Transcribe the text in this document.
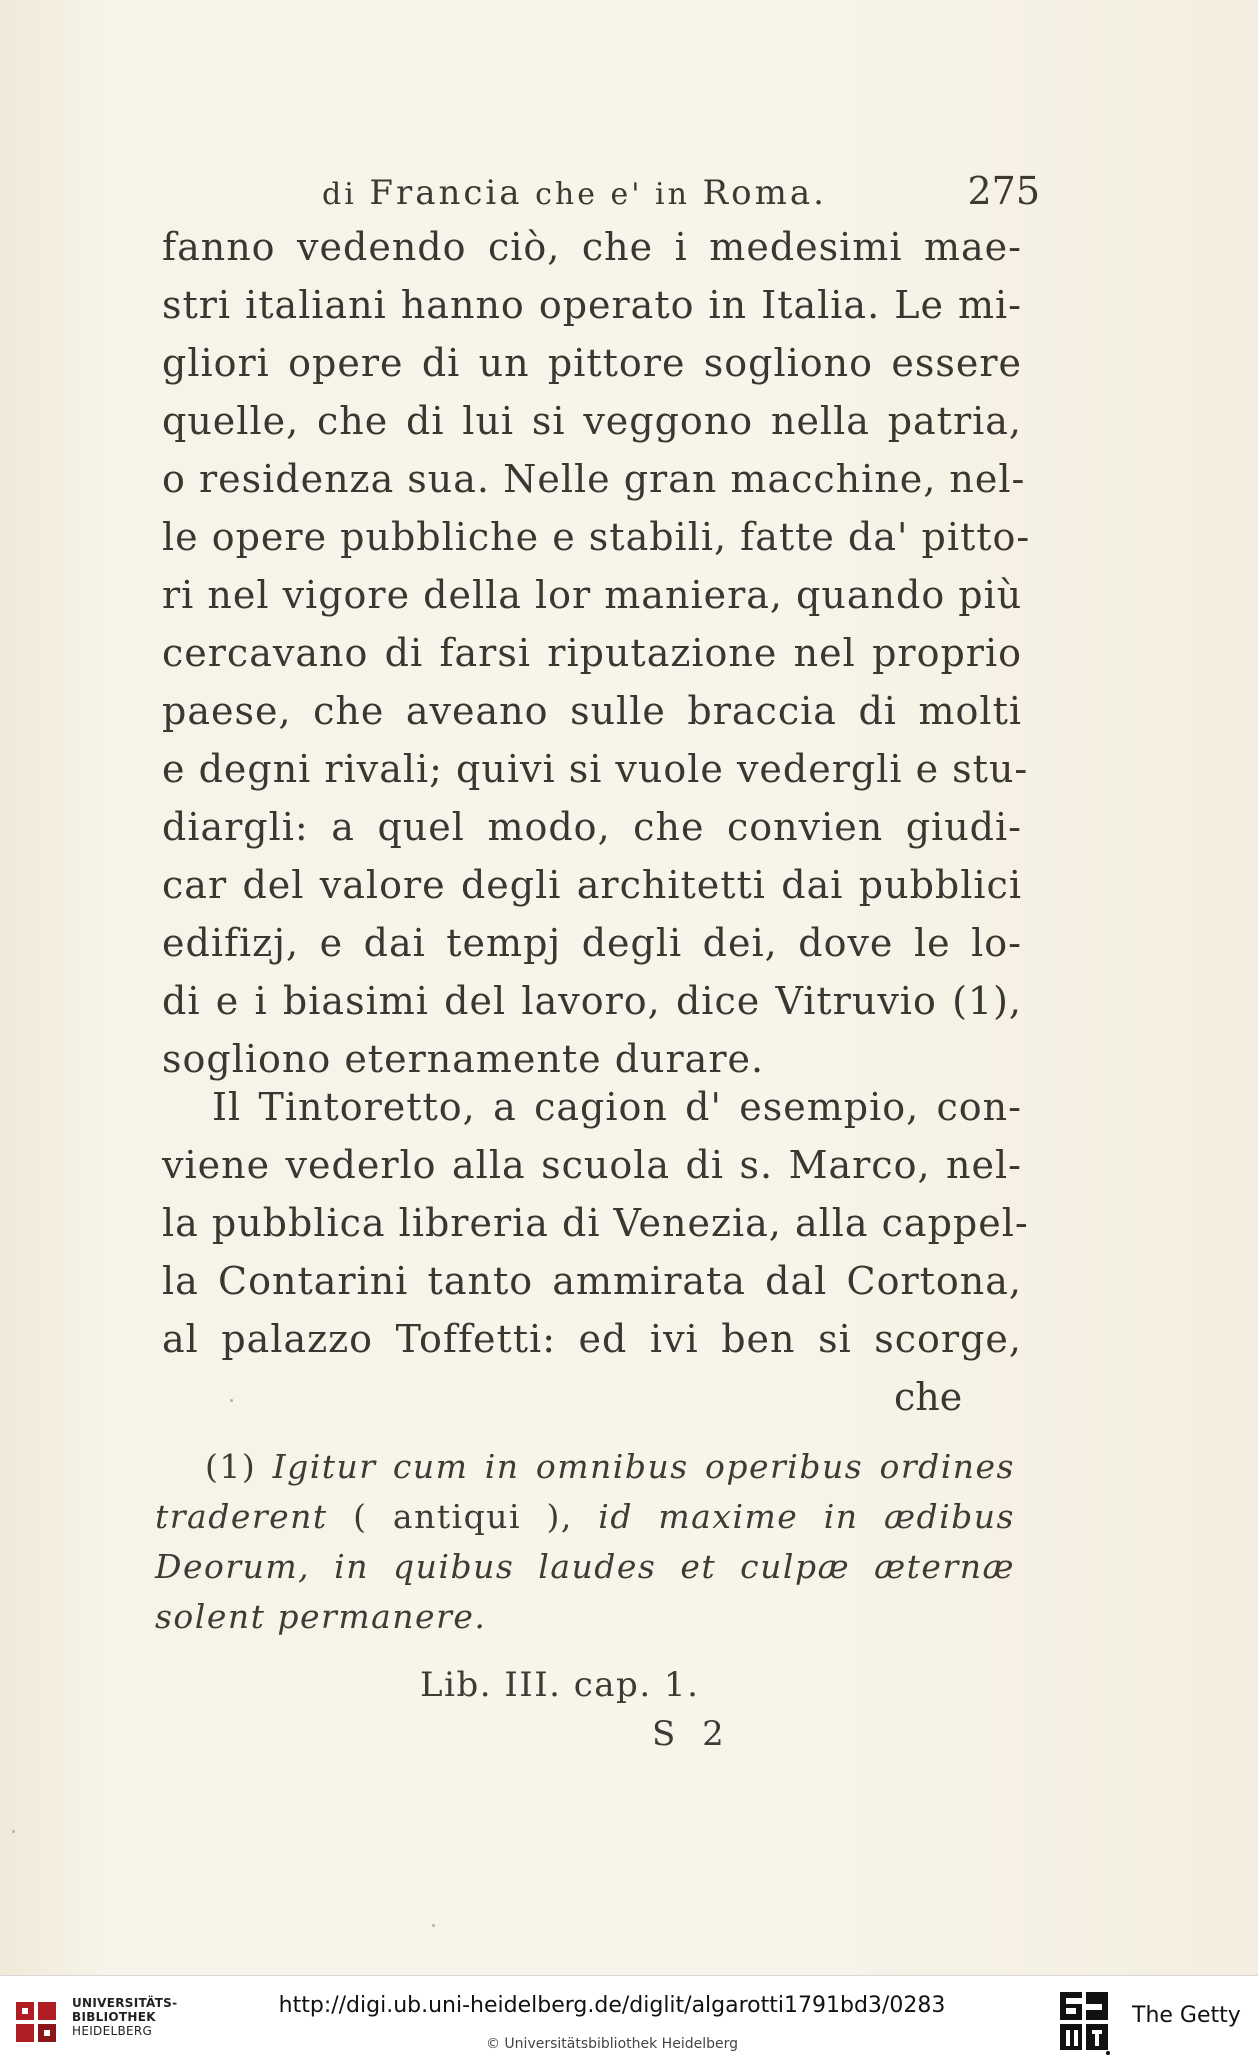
di Francia che e' in Roma.	275
fanno vedendo ciò, che i medesimi mae-
stri italiani hanno operato in Italia. Le mi-
gliori opere di un pittore sogliono essere
quelle, che di lui si veggono nella patria,
o residenza sua. Nelle gran macchine, nel-
le opere pubbliche e stabili, fatte da' pitto-
ri nel vigore della lor maniera, quando più
cercavano di farsi riputazione nel proprio
paese, che aveano sulle braccia di molti
e degni rivali; quivi si vuole vedergli e stu-
diargli: a quel modo, che convien giudi-
car del valore degli architetti dai pubblici
edifizj, e dai tempj degli dei, dove le lo-
di e i biasimi del lavoro, dice Vitruvio (1),
sogliono eternamente durare.
Il Tintoretto, a cagion d' esempio, con-
viene vederlo alla scuola di s. Marco, nel-
la pubblica libreria di Venezia, alla cappel-
la Contarini tanto ammirata dal Cortona,
al palazzo Toffetti: ed ivi ben si scorge,
che
(1) Igitur cum in omnibus operibus ordines
traderent ( antiqui ), id maxime in ædibus
Deorum, in quibus laudes et culpæ æternæ
solent permanere.
Lib. III. cap. 1.
S 2
UNIVERSITÄTS-
BIBLIOTHEK
HEIDELBERG
http://digi.ub.uni-heidelberg.de/diglit/algarotti1791bd3/0283
© Universitätsbibliothek Heidelberg
The Getty
